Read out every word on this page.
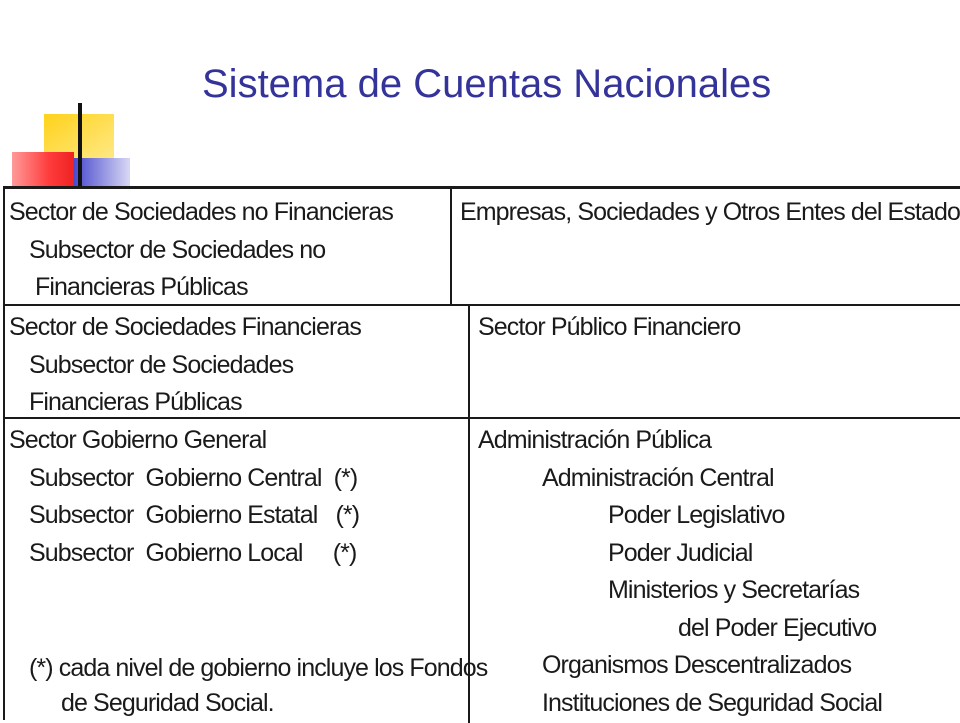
Sistema de Cuentas Nacionales
Sector de Sociedades no Financieras
Subsector de Sociedades no
Financieras Públicas
Empresas, Sociedades y Otros Entes del Estado
Sector de Sociedades Financieras
Subsector de Sociedades
Financieras Públicas
Sector Público Financiero
Sector Gobierno General
Subsector  Gobierno Central  (*)
Subsector  Gobierno Estatal   (*)
Subsector  Gobierno Local     (*)
(*) cada nivel de gobierno incluye los Fondos
de Seguridad Social.
Administración Pública
Administración Central
Poder Legislativo
Poder Judicial
Ministerios y Secretarías
del Poder Ejecutivo
Organismos Descentralizados
Instituciones de Seguridad Social
